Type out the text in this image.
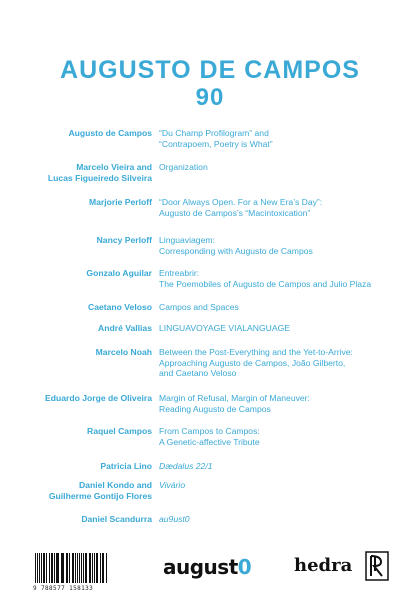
AUGUSTO DE CAMPOS
90
Augusto de Campos “Du Champ Profilogram” and
“Contrapoem, Poetry is What”
Marcelo Vieira and
Lucas Figueiredo Silveira
Organization
Marjorie Perloff “Door Always Open. For a New Era’s Day”:
Augusto de Campos’s “Macintoxication”
Nancy Perloff Linguaviagem:
Corresponding with Augusto de Campos
Gonzalo Aguilar Entreabrir:
The Poemobiles of Augusto de Campos and Julio Plaza
Caetano Veloso Campos and Spaces
André Vallias LINGUAVOYAGE VIALANGUAGE
Marcelo Noah Between the Post-Everything and the Yet-to-Arrive:
Approaching Augusto de Campos, João Gilberto,
and Caetano Veloso
Eduardo Jorge de Oliveira Margin of Refusal, Margin of Maneuver:
Reading Augusto de Campos
Raquel Campos From Campos to Campos:
A Genetic-affective Tribute
Patricia Lino Dædalus 22/1
Daniel Kondo and
Guilherme Gontijo Flores
Vivário
Daniel Scandurra au9ust0
9 788577 158133
august0 hedra
